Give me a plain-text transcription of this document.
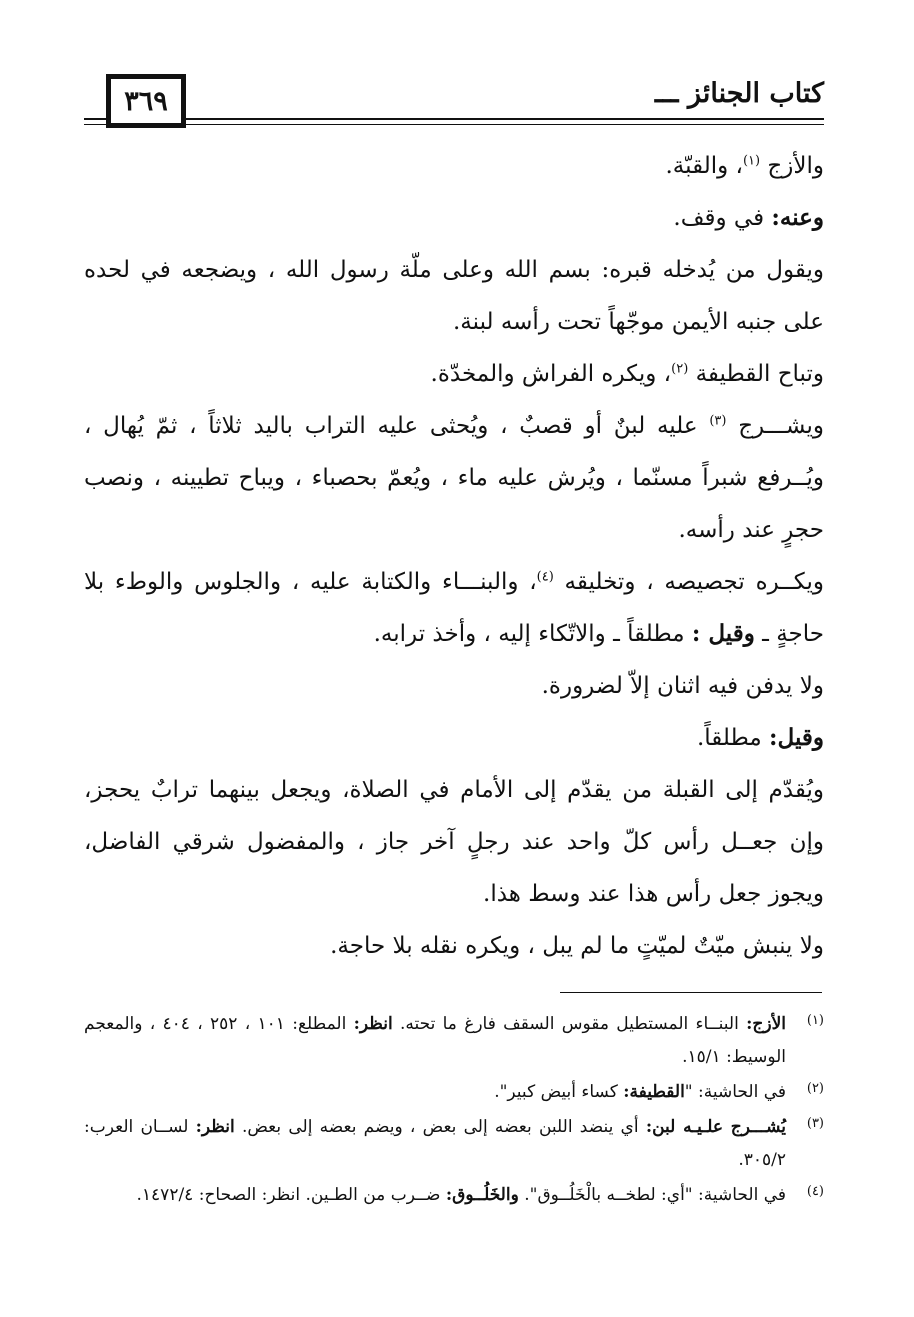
٣٦٩	كتاب الجنائز ـــ

والأزج $^{(١)}$، والقبّة.

وعنه: في وقف.

ويقول من يُدخله قبره: بسم الله وعلى ملّة رسول الله ، ويضجعه في لحده على جنبه الأيمن موجّهاً تحت رأسه لبنة.

وتباح القطيفة $^{(٢)}$، ويكره الفراش والمخدّة.

ويشـــرج $^{(٣)}$ عليه لبنٌ أو قصبٌ ، ويُحثى عليه التراب باليد ثلاثاً ، ثمّ يُهال ، ويُــرفع شبراً مسنّما ، ويُرش عليه ماء ، ويُعمّ بحصباء ، ويباح تطيينه ، ونصب حجرٍ عند رأسه.

ويكــره تجصيصه ، وتخليقه $^{(٤)}$، والبنـــاء والكتابة عليه ، والجلوس والوطء بلا حاجةٍ ـ وقيل : مطلقاً ـ والاتّكاء إليه ، وأخذ ترابه.

ولا يدفن فيه اثنان إلاّ لضرورة.

وقيل: مطلقاً.

ويُقدّم إلى القبلة من يقدّم إلى الأمام في الصلاة، ويجعل بينهما ترابٌ يحجز، وإن جعــل رأس كلّ واحد عند رجلٍ آخر جاز ، والمفضول شرقي الفاضل، ويجوز جعل رأس هذا عند وسط هذا.

ولا ينبش ميّتٌ لميّتٍ ما لم يبل ، ويكره نقله بلا حاجة.

(١)
الأزج: البنــاء المستطيل مقوس السقف فارغ ما تحته. انظر: المطلع: ١٠١ ، ٢٥٢ ، ٤٠٤ ، والمعجم الوسيط: ١٥/١.
(٢)
في الحاشية: "القطيفة: كساء أبيض كبير".
(٣)
يُشـــرج علـيـه لبن: أي ينضد اللبن بعضه إلى بعض ، ويضم بعضه إلى بعض. انظر: لســان العرب: ٣٠٥/٢.
(٤)
في الحاشية: "أي: لطخــه بالْخَلُــوق". والخَلُــوق: ضــرب من الطـين. انظر: الصحاح: ١٤٧٢/٤.
